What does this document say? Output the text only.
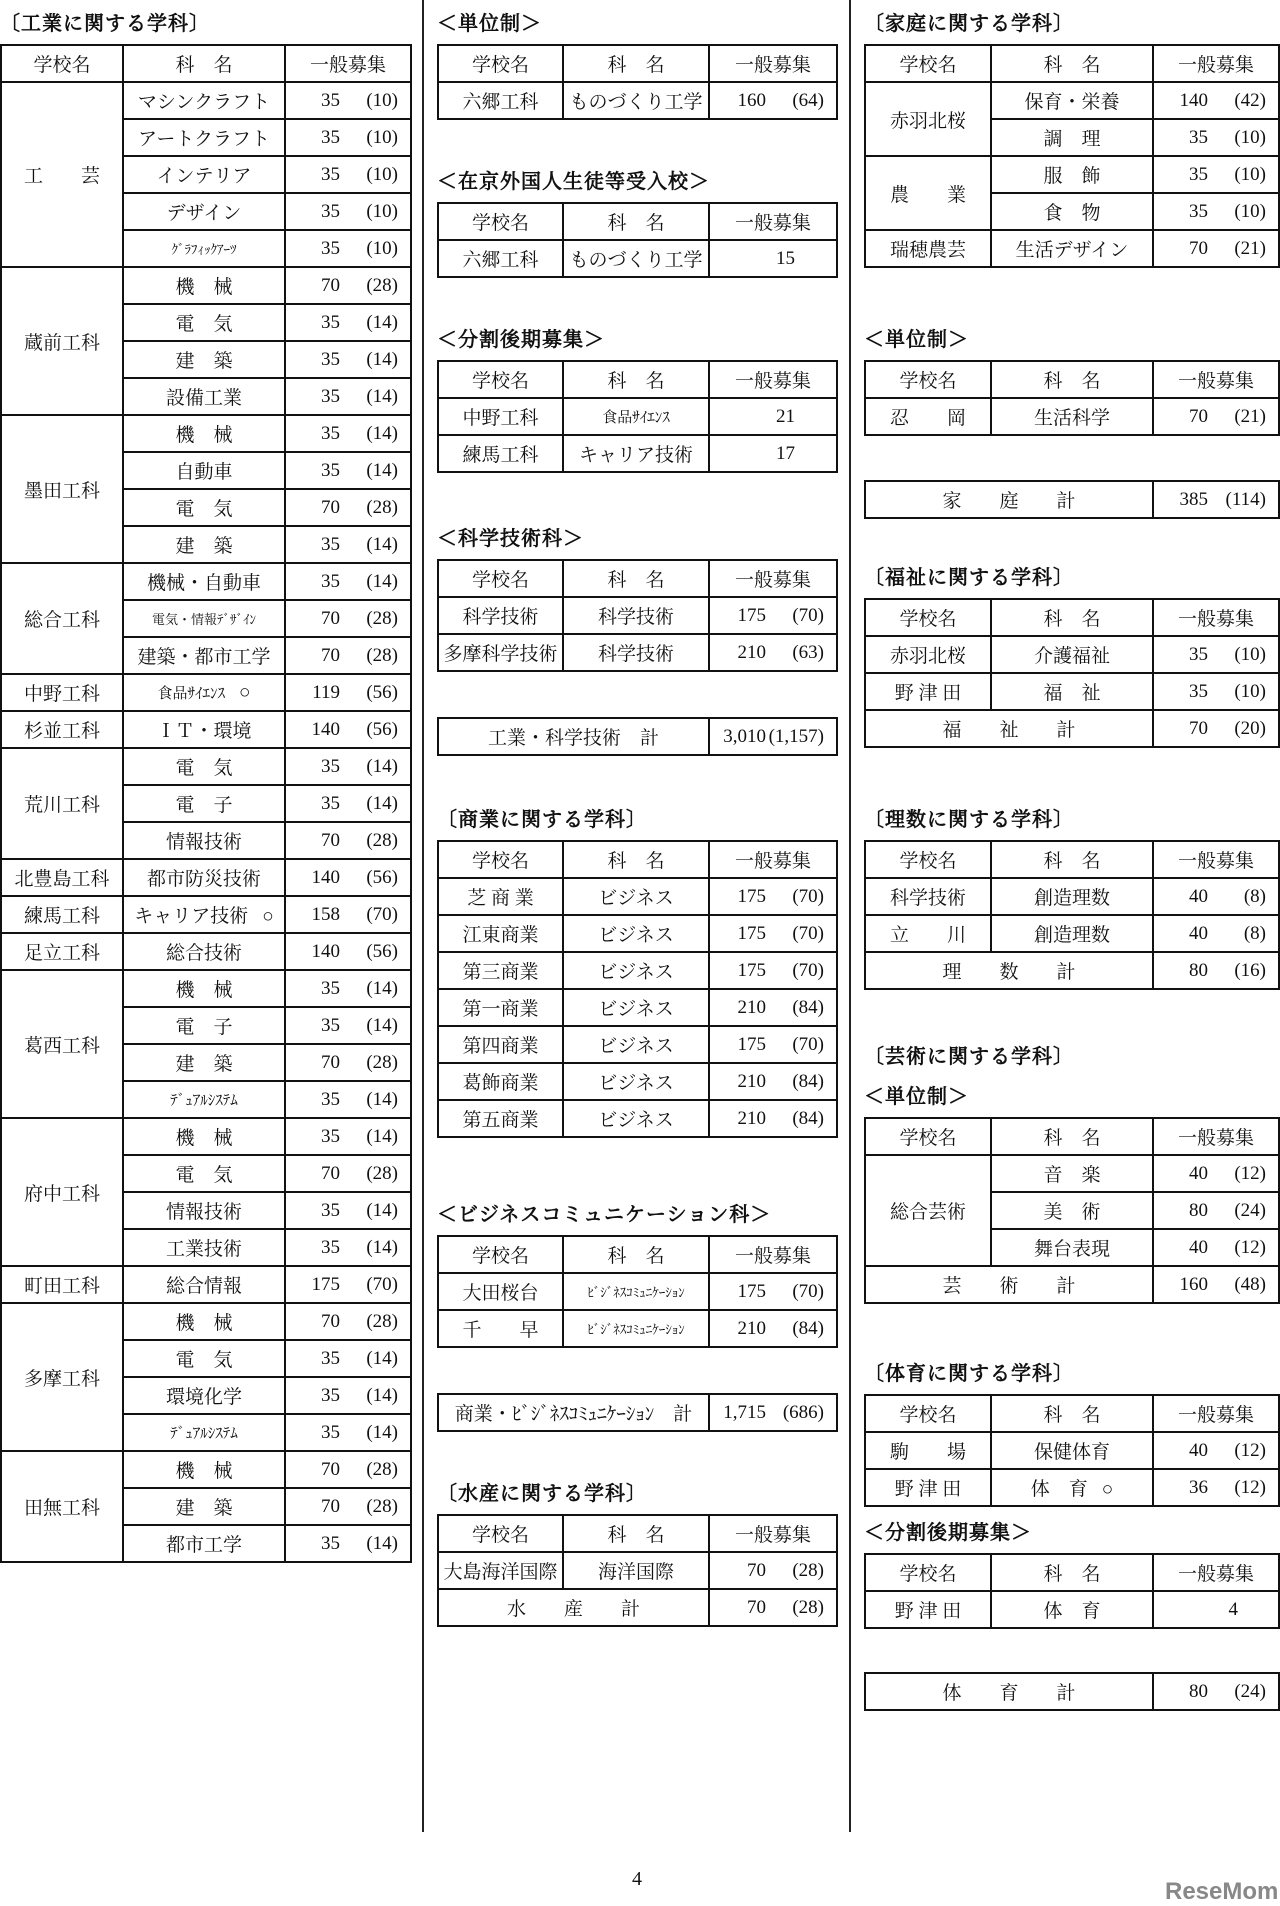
〔工業に関する学科〕
学校名	科　名	一般募集
工　　芸	マシンクラフト	35 (10)
	アートクラフト	35 (10)
	インテリア	35 (10)
	デザイン	35 (10)
	ｸﾞﾗﾌｨｯｸｱｰﾂ	35 (10)
蔵前工科	機　械	70 (28)
	電　気	35 (14)
	建　築	35 (14)
	設備工業	35 (14)
墨田工科	機　械	35 (14)
	自動車	35 (14)
	電　気	70 (28)
	建　築	35 (14)
総合工科	機械・自動車	35 (14)
	電気・情報ﾃﾞｻﾞｲﾝ	70 (28)
	建築・都市工学	70 (28)
中野工科	食品ｻｲｴﾝｽ ○	119 (56)
杉並工科	ＩＴ・環境	140 (56)
荒川工科	電　気	35 (14)
	電　子	35 (14)
	情報技術	70 (28)
北豊島工科	都市防災技術	140 (56)
練馬工科	キャリア技術 ○	158 (70)
足立工科	総合技術	140 (56)
葛西工科	機　械	35 (14)
	電　子	35 (14)
	建　築	70 (28)
	ﾃﾞｭｱﾙｼｽﾃﾑ	35 (14)
府中工科	機　械	35 (14)
	電　気	70 (28)
	情報技術	35 (14)
	工業技術	35 (14)
町田工科	総合情報	175 (70)
多摩工科	機　械	70 (28)
	電　気	35 (14)
	環境化学	35 (14)
	ﾃﾞｭｱﾙｼｽﾃﾑ	35 (14)
田無工科	機　械	70 (28)
	建　築	70 (28)
	都市工学	35 (14)
＜単位制＞
学校名	科　名	一般募集
六郷工科	ものづくり工学	160 (64)
＜在京外国人生徒等受入校＞
学校名	科　名	一般募集
六郷工科	ものづくり工学	15
＜分割後期募集＞
学校名	科　名	一般募集
中野工科	食品ｻｲｴﾝｽ	21
練馬工科	キャリア技術	17
＜科学技術科＞
学校名	科　名	一般募集
科学技術	科学技術	175 (70)
多摩科学技術	科学技術	210 (63)
工業・科学技術　計	3,010 (1,157)
〔商業に関する学科〕
学校名	科　名	一般募集
芝 商 業	ビジネス	175 (70)
江東商業	ビジネス	175 (70)
第三商業	ビジネス	175 (70)
第一商業	ビジネス	210 (84)
第四商業	ビジネス	175 (70)
葛飾商業	ビジネス	210 (84)
第五商業	ビジネス	210 (84)
＜ビジネスコミュニケーション科＞
学校名	科　名	一般募集
大田桜台	ﾋﾞｼﾞﾈｽｺﾐｭﾆｹｰｼｮﾝ	175 (70)
千　　早	ﾋﾞｼﾞﾈｽｺﾐｭﾆｹｰｼｮﾝ	210 (84)
商業・ﾋﾞｼﾞﾈｽｺﾐｭﾆｹｰｼｮﾝ　計	1,715 (686)
〔水産に関する学科〕
学校名	科　名	一般募集
大島海洋国際	海洋国際	70 (28)
水　　産　　計		70 (28)
〔家庭に関する学科〕
学校名	科　名	一般募集
赤羽北桜	保育・栄養	140 (42)
	調　理	35 (10)
農　　業	服　飾	35 (10)
	食　物	35 (10)
瑞穂農芸	生活デザイン	70 (21)
＜単位制＞
学校名	科　名	一般募集
忍　　岡	生活科学	70 (21)
家　　庭　　計	385 (114)
〔福祉に関する学科〕
学校名	科　名	一般募集
赤羽北桜	介護福祉	35 (10)
野 津 田	福　祉	35 (10)
福　　祉　　計		70 (20)
〔理数に関する学科〕
学校名	科　名	一般募集
科学技術	創造理数	40 (8)
立　　川	創造理数	40 (8)
理　　数　　計		80 (16)
〔芸術に関する学科〕
＜単位制＞
学校名	科　名	一般募集
総合芸術	音　楽	40 (12)
	美　術	80 (24)
	舞台表現	40 (12)
芸　　術　　計		160 (48)
〔体育に関する学科〕
学校名	科　名	一般募集
駒　　場	保健体育	40 (12)
野 津 田	体　育 ○	36 (12)
＜分割後期募集＞
学校名	科　名	一般募集
野 津 田	体　育	4
体　　育　　計	80 (24)
4	ReseMom
